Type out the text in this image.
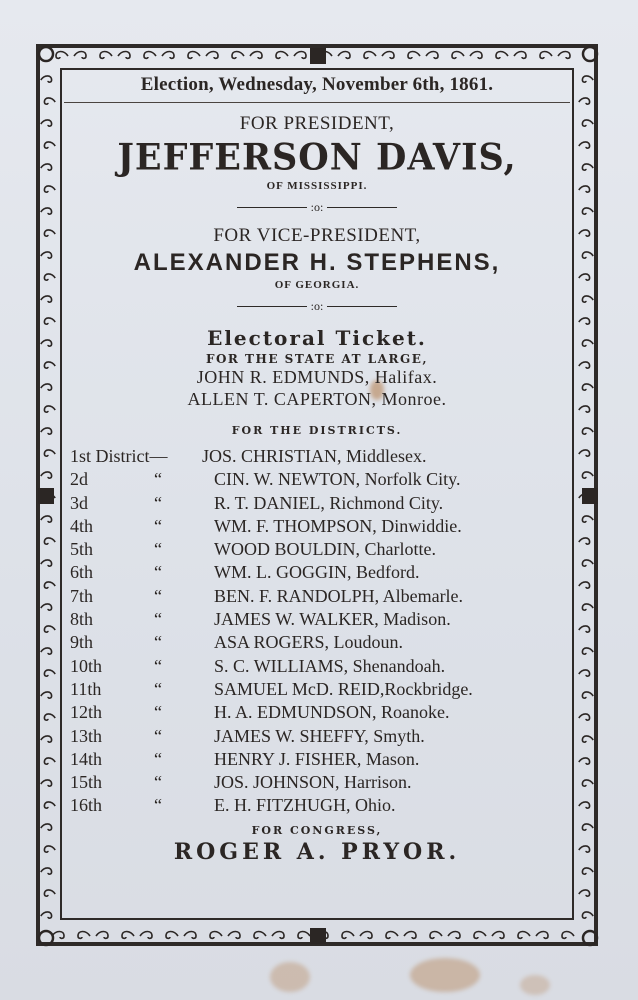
Election, Wednesday, November 6th, 1861.
FOR PRESIDENT,
JEFFERSON DAVIS,
OF MISSISSIPPI.
:o:
FOR VICE-PRESIDENT,
ALEXANDER H. STEPHENS,
OF GEORGIA.
:o:
Electoral Ticket.
FOR THE STATE AT LARGE,
JOHN R. EDMUNDS, Halifax.
ALLEN T. CAPERTON, Monroe.
FOR THE DISTRICTS.
1st District—	JOS. CHRISTIAN, Middlesex.
2d	“	CIN. W. NEWTON, Norfolk City.
3d	“	R. T. DANIEL, Richmond City.
4th	“	WM. F. THOMPSON, Dinwiddie.
5th	“	WOOD BOULDIN, Charlotte.
6th	“	WM. L. GOGGIN, Bedford.
7th	“	BEN. F. RANDOLPH, Albemarle.
8th	“	JAMES W. WALKER, Madison.
9th	“	ASA ROGERS, Loudoun.
10th	“	S. C. WILLIAMS, Shenandoah.
11th	“	SAMUEL McD. REID,Rockbridge.
12th	“	H. A. EDMUNDSON, Roanoke.
13th	“	JAMES W. SHEFFY, Smyth.
14th	“	HENRY J. FISHER, Mason.
15th	“	JOS. JOHNSON, Harrison.
16th	“	E. H. FITZHUGH, Ohio.
FOR CONGRESS,
ROGER A. PRYOR.
